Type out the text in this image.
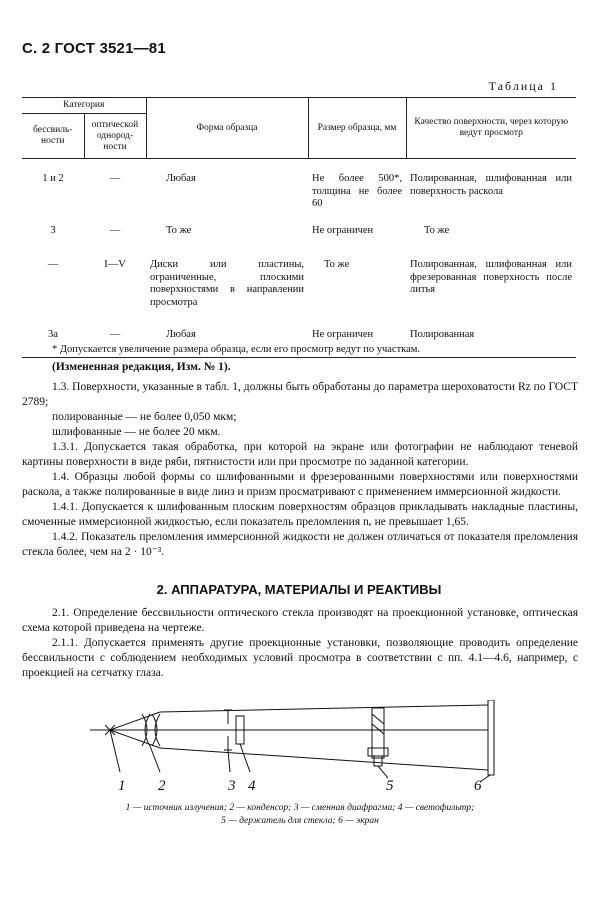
С. 2 ГОСТ 3521—81
Таблица 1
Категория		Форма образца	Размер образца, мм	Качество поверхности, через которую ведут просмотр
бессвиль-ности	оптической однород-ности			

1 и 2	—	Любая	Не более 500*, толщина не более 60	Полированная, шлифованная или поверхность раскола
3	—	То же	Не ограничен	То же
—	I—V	Диски или пластины, ограниченные, плоскими поверхностями в направлении просмотра	То же	Полированная, шлифованная или фрезерованная поверхность после литья
3а	—	Любая	Не ограничен	Полированная
* Допускается увеличение размера образца, если его просмотр ведут по участкам.
(Измененная редакция, Изм. № 1).
1.3. Поверхности, указанные в табл. 1, должны быть обработаны до параметра шероховатости Rz по ГОСТ 2789;
полированные — не более 0,050 мкм;
шлифованные — не более 20 мкм.
1.3.1. Допускается такая обработка, при которой на экране или фотографии не наблюдают теневой картины поверхности в виде ряби, пятнистости или при просмотре по заданной категории.
1.4. Образцы любой формы со шлифованными и фрезерованными поверхностями или поверхностями раскола, а также полированные в виде линз и призм просматривают с применением иммерсионной жидкости.
1.4.1. Допускается к шлифованным плоским поверхностям образцов прикладывать накладные пластины, смоченные иммерсионной жидкостью, если показатель преломления nₑ не превышает 1,65.
1.4.2. Показатель преломления иммерсионной жидкости не должен отличаться от показателя преломления стекла более, чем на 2 · 10⁻³.
2. АППАРАТУРА, МАТЕРИАЛЫ И РЕАКТИВЫ
2.1. Определение бессвильности оптического стекла производят на проекционной установке, оптическая схема которой приведена на чертеже.
2.1.1. Допускается применять другие проекционные установки, позволяющие проводить определение бессвильности с соблюдением необходимых условий просмотра в соответствии с пп. 4.1—4.6, например, с проекцией на сетчатку глаза.
1 2	3 4	5	6
1 — источник излучения; 2 — конденсор; 3 — сменная диафрагма; 4 — светофильтр;
5 — держатель для стекла; 6 — экран
